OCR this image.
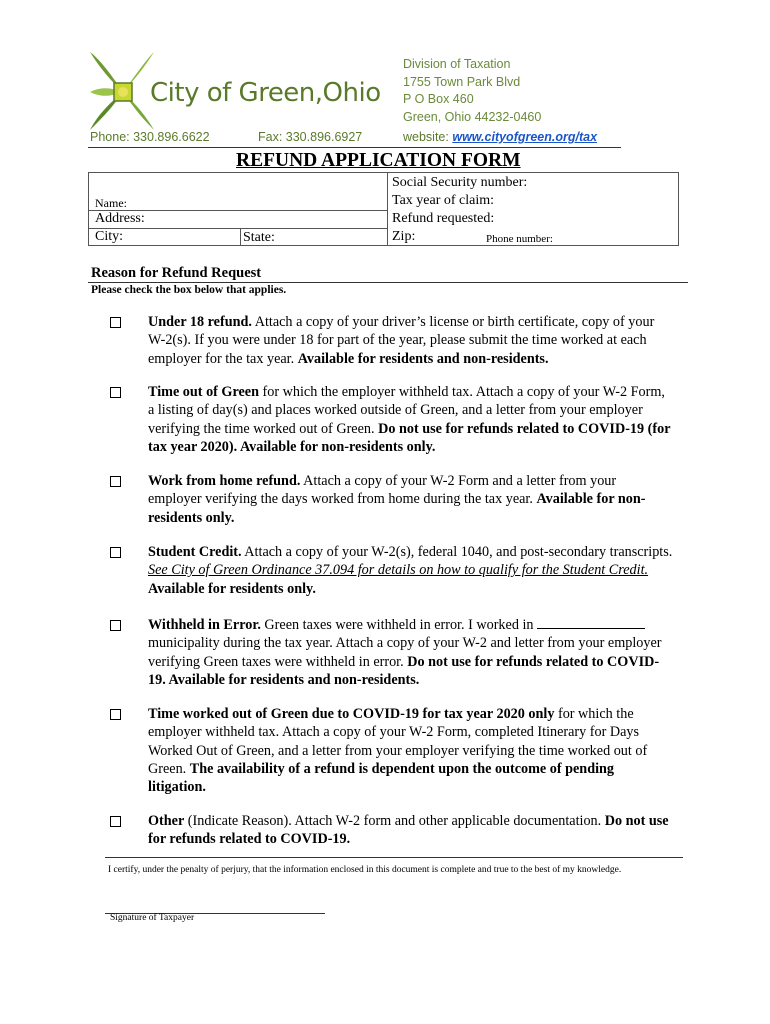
City of Green,Ohio
Division of Taxation
1755 Town Park Blvd
P O Box 460
Green, Ohio 44232-0460
Phone: 330.896.6622	Fax: 330.896.6927	website: www.cityofgreen.org/tax
REFUND APPLICATION FORM
Name:
Address:
City:	State:
Social Security number:
Tax year of claim:
Refund requested:
Zip:	Phone number:
Reason for Refund Request
Please check the box below that applies.
Under 18 refund. Attach a copy of your driver’s license or birth certificate, copy of your W-2(s). If you were under 18 for part of the year, please submit the time worked at each employer for the tax year. Available for residents and non-residents.
Time out of Green for which the employer withheld tax. Attach a copy of your W-2 Form, a listing of day(s) and places worked outside of Green, and a letter from your employer verifying the time worked out of Green. Do not use for refunds related to COVID-19 (for tax year 2020). Available for non-residents only.
Work from home refund. Attach a copy of your W-2 Form and a letter from your employer verifying the days worked from home during the tax year. Available for non-residents only.
Student Credit. Attach a copy of your W-2(s), federal 1040, and post-secondary transcripts. See City of Green Ordinance 37.094 for details on how to qualify for the Student Credit. Available for residents only.
Withheld in Error. Green taxes were withheld in error. I worked in  municipality during the tax year. Attach a copy of your W-2 and letter from your employer verifying Green taxes were withheld in error. Do not use for refunds related to COVID-19. Available for residents and non-residents.
Time worked out of Green due to COVID-19 for tax year 2020 only for which the employer withheld tax. Attach a copy of your W-2 Form, completed Itinerary for Days Worked Out of Green, and a letter from your employer verifying the time worked out of Green. The availability of a refund is dependent upon the outcome of pending litigation.
Other (Indicate Reason). Attach W-2 form and other applicable documentation. Do not use for refunds related to COVID-19.
I certify, under the penalty of perjury, that the information enclosed in this document is complete and true to the best of my knowledge.
Signature of Taxpayer
